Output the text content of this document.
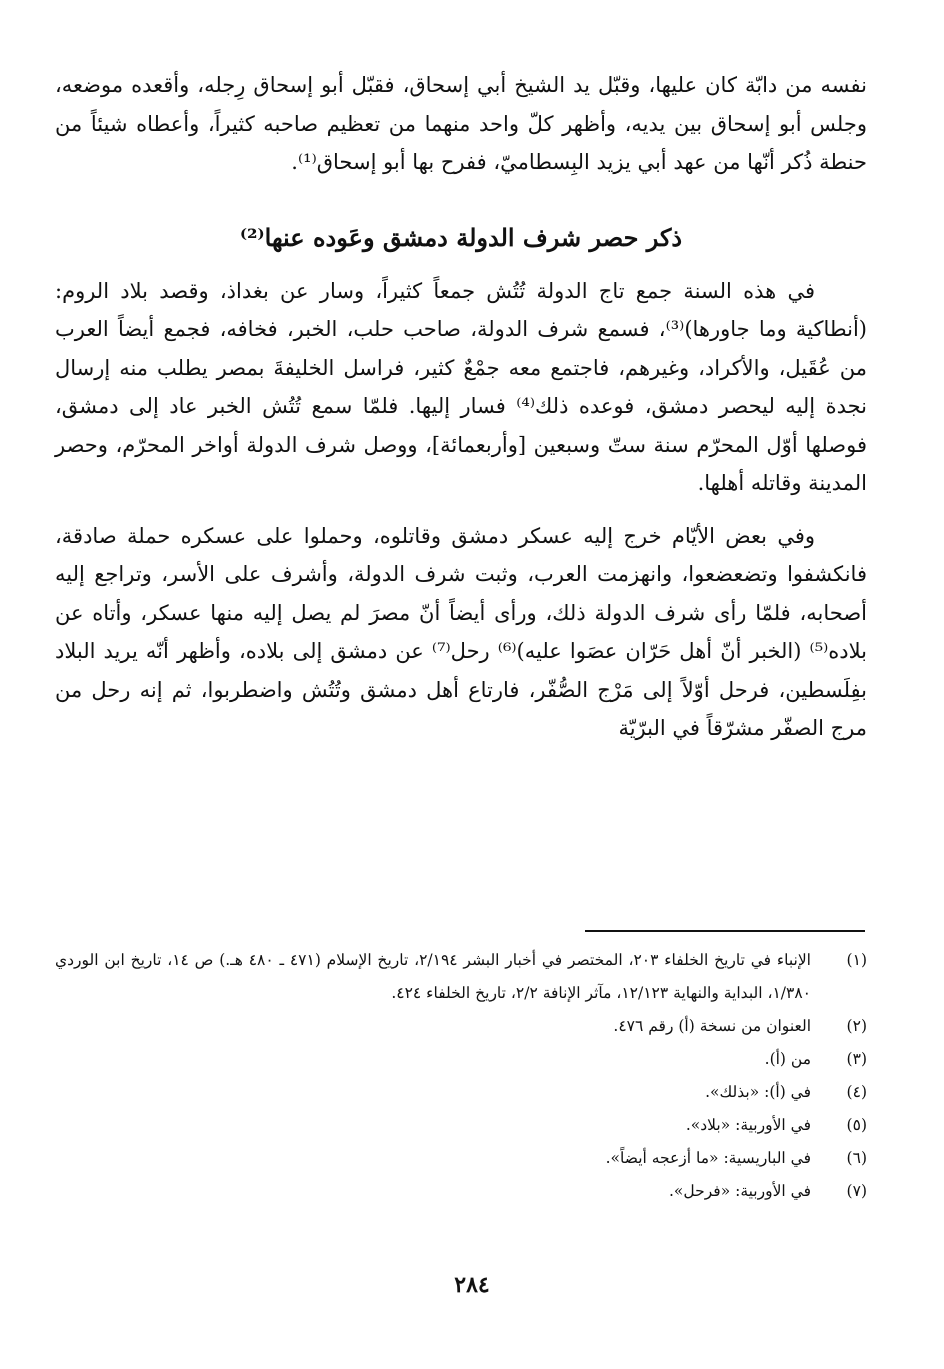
نفسه من دابّة كان عليها، وقبّل يد الشيخ أبي إسحاق، فقبّل أبو إسحاق رِجله، وأقعده موضعه، وجلس أبو إسحاق بين يديه، وأظهر كلّ واحد منهما من تعظيم صاحبه كثيراً، وأعطاه شيئاً من حنطة ذُكر أنّها من عهد أبي يزيد البِسطاميّ، ففرح بها أبو إسحاق⁽¹⁾.

ذكر حصر شرف الدولة دمشق وعَوده عنها⁽²⁾

في هذه السنة جمع تاج الدولة تُتُش جمعاً كثيراً، وسار عن بغداذ، وقصد بلاد الروم: (أنطاكية وما جاورها)⁽³⁾، فسمع شرف الدولة، صاحب حلب، الخبر، فخافه، فجمع أيضاً العرب من عُقَيل، والأكراد، وغيرهم، فاجتمع معه جمْعٌ كثير، فراسل الخليفةَ بمصر يطلب منه إرسال نجدة إليه ليحصر دمشق، فوعده ذلك⁽⁴⁾ فسار إليها. فلمّا سمع تُتُش الخبر عاد إلى دمشق، فوصلها أوّل المحرّم سنة ستّ وسبعين [وأربعمائة]، ووصل شرف الدولة أواخر المحرّم، وحصر المدينة وقاتله أهلها.

وفي بعض الأيّام خرج إليه عسكر دمشق وقاتلوه، وحملوا على عسكره حملة صادقة، فانكشفوا وتضعضعوا، وانهزمت العرب، وثبت شرف الدولة، وأشرف على الأسر، وتراجع إليه أصحابه، فلمّا رأى شرف الدولة ذلك، ورأى أيضاً أنّ مصرَ لم يصل إليه منها عسكر، وأتاه عن بلاده⁽⁵⁾ (الخبر أنّ أهل حَرّان عصَوا عليه)⁽⁶⁾ رحل⁽⁷⁾ عن دمشق إلى بلاده، وأظهر أنّه يريد البلاد بفِلَسطين، فرحل أوّلاً إلى مَرْج الصُّفّر، فارتاع أهل دمشق وتُتُش واضطربوا، ثم إنه رحل من مرج الصفّر مشرّقاً في البرّيّة

(١)
الإنباء في تاريخ الخلفاء ٢٠٣، المختصر في أخبار البشر ٢/١٩٤، تاريخ الإسلام (٤٧١ ـ ٤٨٠ هـ.) ص ١٤، تاريخ ابن الوردي ١/٣٨٠، البداية والنهاية ١٢/١٢٣، مآثر الإنافة ٢/٢، تاريخ الخلفاء ٤٢٤.
(٢)
العنوان من نسخة (أ) رقم ٤٧٦.
(٣)
من (أ).
(٤)
في (أ): «بذلك».
(٥)
في الأوربية: «بلاد».
(٦)
في الباريسية: «ما أزعجه أيضاً».
(٧)
في الأوربية: «فرحل».
٢٨٤
